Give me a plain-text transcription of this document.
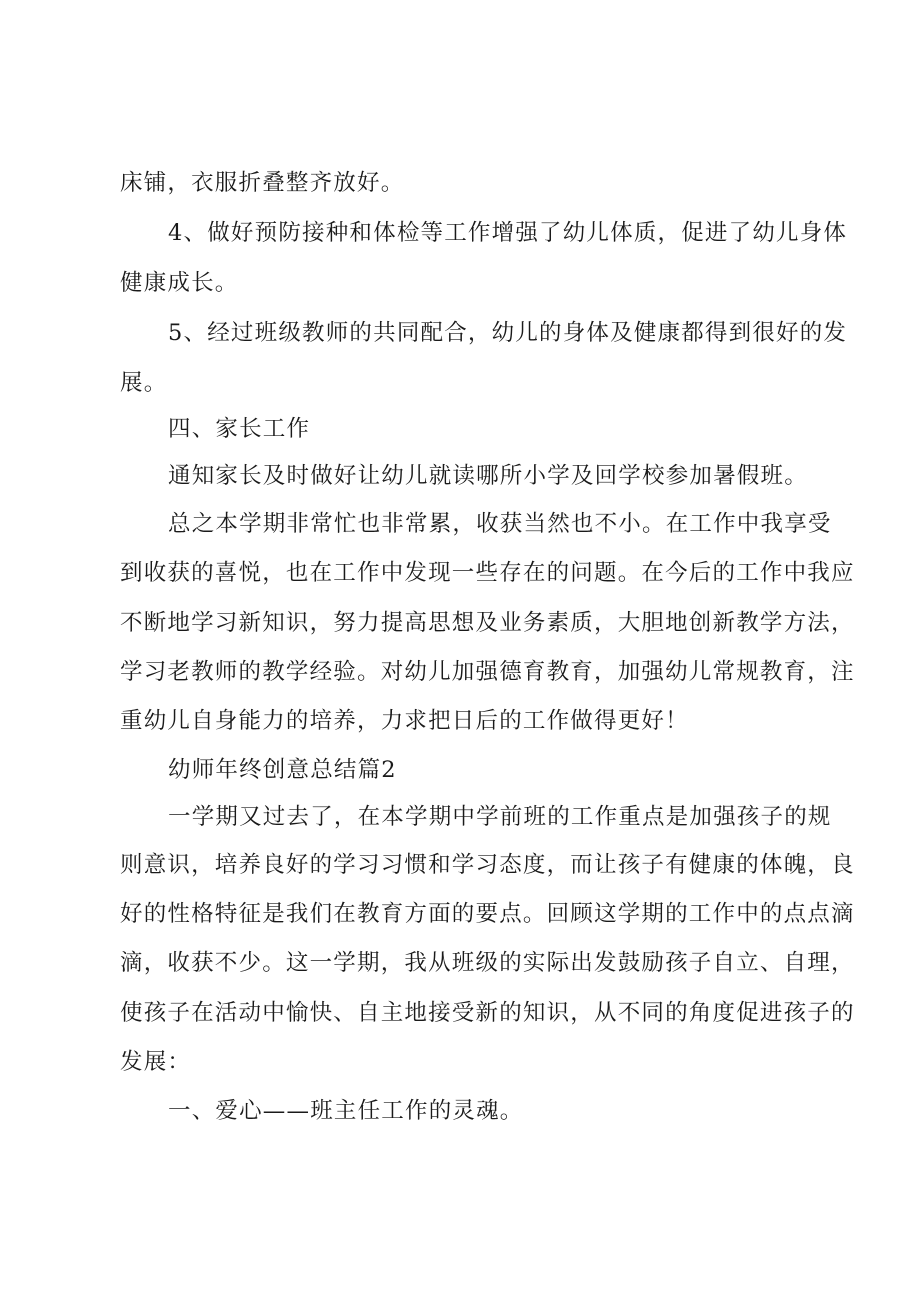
床铺，衣服折叠整齐放好。

4、做好预防接种和体检等工作增强了幼儿体质，促进了幼儿身体

健康成长。

5、经过班级教师的共同配合，幼儿的身体及健康都得到很好的发

展。

四、家长工作

通知家长及时做好让幼儿就读哪所小学及回学校参加暑假班。

总之本学期非常忙也非常累，收获当然也不小。在工作中我享受

到收获的喜悦，也在工作中发现一些存在的问题。在今后的工作中我应

不断地学习新知识，努力提高思想及业务素质，大胆地创新教学方法，

学习老教师的教学经验。对幼儿加强德育教育，加强幼儿常规教育，注

重幼儿自身能力的培养，力求把日后的工作做得更好！

幼师年终创意总结篇2

一学期又过去了，在本学期中学前班的工作重点是加强孩子的规

则意识，培养良好的学习习惯和学习态度，而让孩子有健康的体魄，良

好的性格特征是我们在教育方面的要点。回顾这学期的工作中的点点滴

滴，收获不少。这一学期，我从班级的实际出发鼓励孩子自立、自理，

使孩子在活动中愉快、自主地接受新的知识，从不同的角度促进孩子的

发展：

一、爱心——班主任工作的灵魂。
